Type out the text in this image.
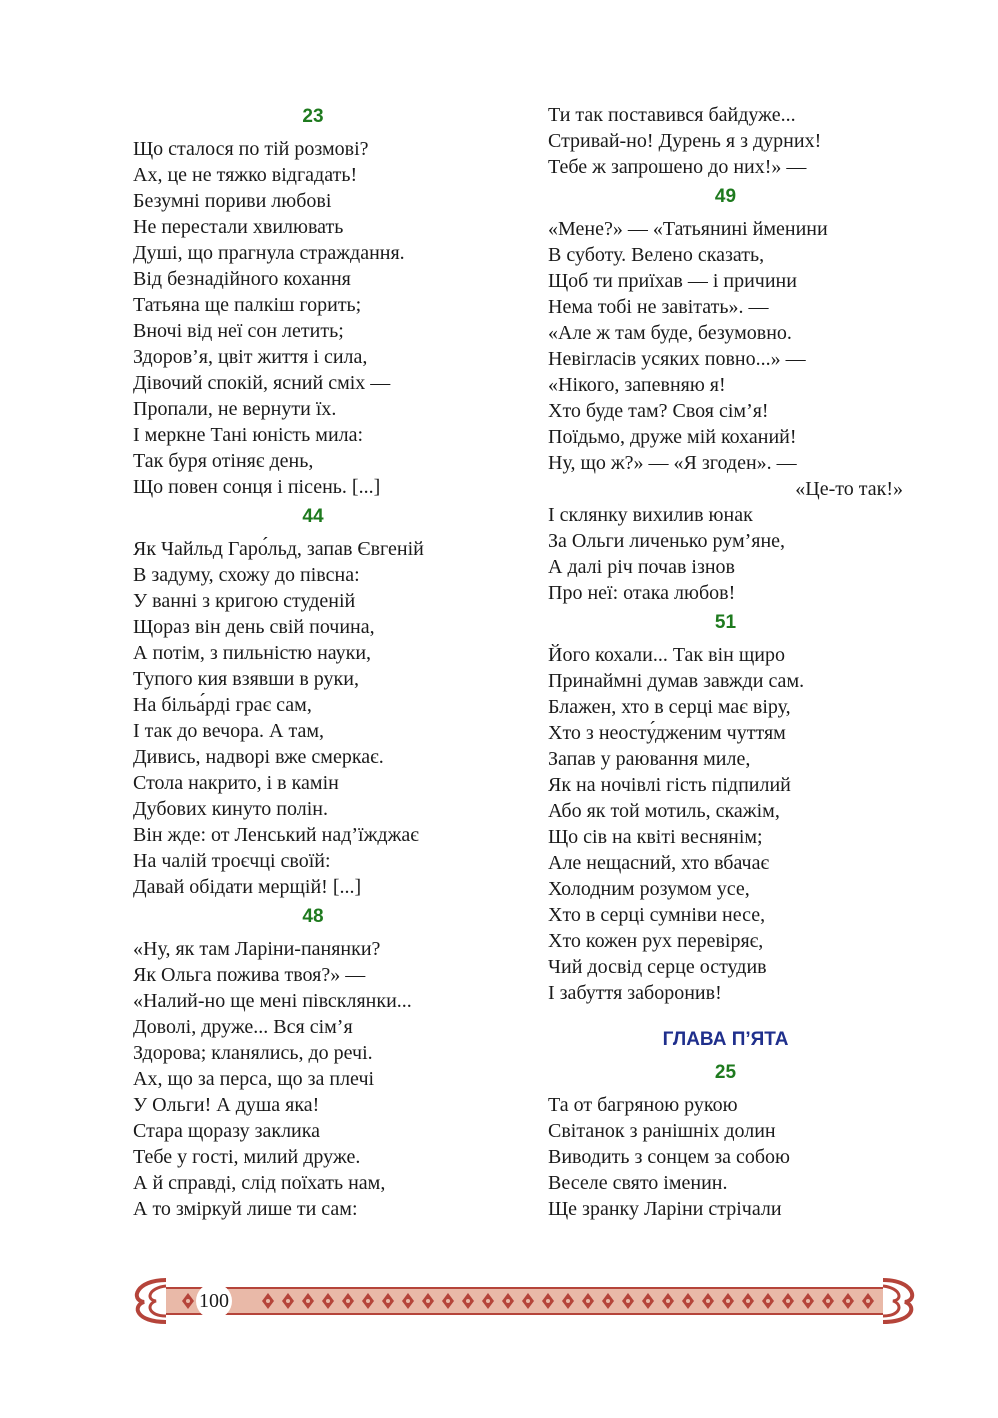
23
Що сталося по тій розмові?
Ах, це не тяжко відгадать!
Безумні пориви любові
Не перестали хвилювать
Душі, що прагнула страждання.
Від безнадійного кохання
Татьяна ще палкіш горить;
Вночі від неї сон летить;
Здоров’я, цвіт життя і сила,
Дівочий спокій, ясний сміх —
Пропали, не вернути їх.
І меркне Тані юність мила:
Так буря отіняє день,
Що повен сонця і пісень. [...]
44
Як Чайльд Гаро́льд, запав Євгеній
В задуму, схожу до півсна:
У ванні з кригою студеній
Щораз він день свій почина,
А потім, з пильністю науки,
Тупого кия взявши в руки,
На більа́рді грає сам,
І так до вечора. А там,
Дивись, надворі вже смеркає.
Стола накрито, і в камін
Дубових кинуто полін.
Він жде: от Ленський над’їжджає
На чалій троєчці своїй:
Давай обідати мерщій! [...]
48
«Ну, як там Ларіни-панянки?
Як Ольга пожива твоя?» —
«Налий-но ще мені півсклянки...
Доволі, друже... Вся сім’я
Здорова; кланялись, до речі.
Ах, що за перса, що за плечі
У Ольги! А душа яка!
Стара щоразу заклика
Тебе у гості, милий друже.
А й справді, слід поїхать нам,
А то зміркуй лише ти сам:
Ти так поставився байдуже...
Стривай-но! Дурень я з дурних!
Тебе ж запрошено до них!» —
49
«Мене?» — «Татьянині йменини
В суботу. Велено сказать,
Щоб ти приїхав — і причини
Нема тобі не завітать». —
«Але ж там буде, безумовно.
Невігласів усяких повно...» —
«Нікого, запевняю я!
Хто буде там? Своя сім’я!
Поїдьмо, друже мій коханий!
Ну, що ж?» — «Я згоден». —
«Це-то так!»
І склянку вихилив юнак
За Ольги личенько рум’яне,
А далі річ почав ізнов
Про неї: отака любов!
51
Його кохали... Так він щиро
Принаймні думав завжди сам.
Блажен, хто в серці має віру,
Хто з неосту́дженим чуттям
Запав у раювання миле,
Як на ночівлі гість підпилий
Або як той мотиль, скажім,
Що сів на квіті веснянім;
Але нещасний, хто вбачає
Холодним розумом усе,
Хто в серці сумніви несе,
Хто кожен рух перевіряє,
Чий досвід серце остудив
І забуття заборонив!
ГЛАВА П’ЯТА
25
Та от багряною рукою
Світанок з ранішніх долин
Виводить з сонцем за собою
Веселе свято іменин.
Ще зранку Ларіни стрічали
100
